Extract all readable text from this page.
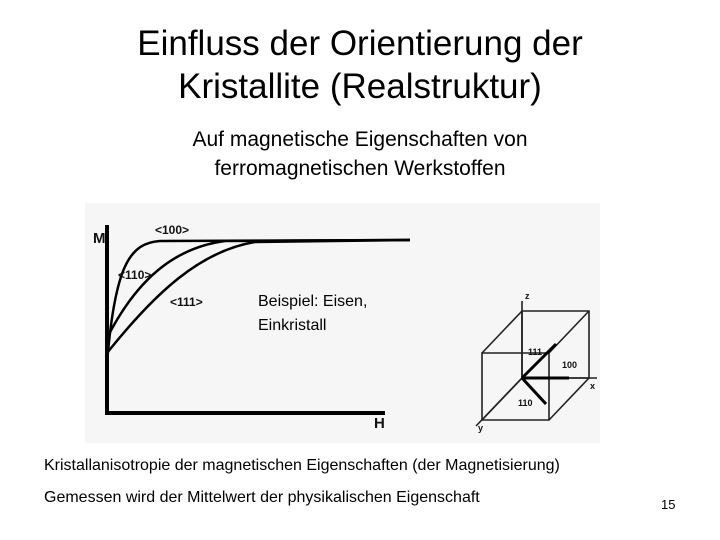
Einfluss der Orientierung der
Kristallite (Realstruktur)
Auf magnetische Eigenschaften von
ferromagnetischen Werkstoffen
M
H
<100>
<110>
<111>	z
x
y
111
100
110
Beispiel: Eisen,
Einkristall
Kristallanisotropie der magnetischen Eigenschaften (der Magnetisierung)
Gemessen wird der Mittelwert der physikalischen Eigenschaft	15
